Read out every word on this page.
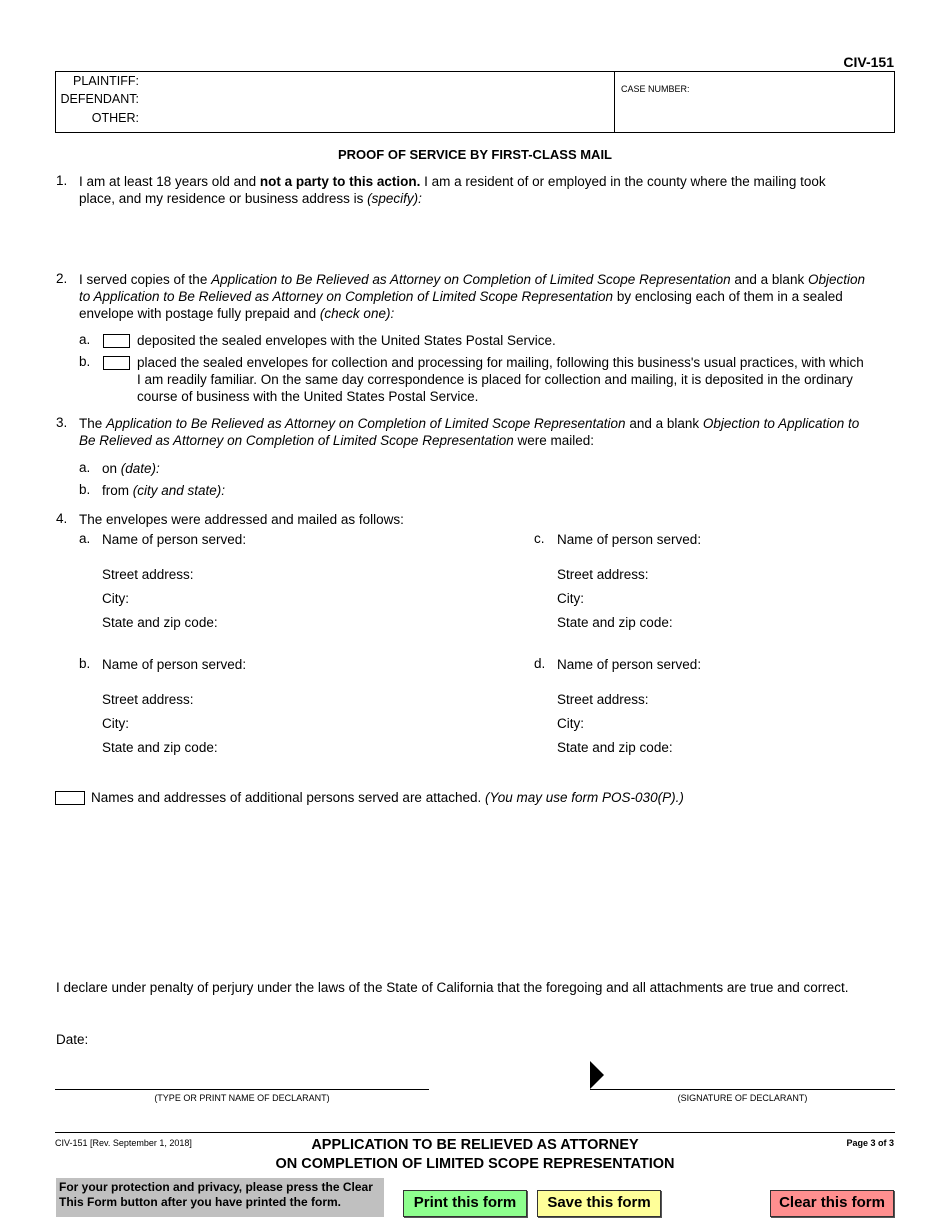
CIV-151
PLAINTIFF:
DEFENDANT:
OTHER:
CASE NUMBER:
PROOF OF SERVICE BY FIRST-CLASS MAIL
1. I am at least 18 years old and not a party to this action. I am a resident of or employed in the county where the mailing took
place, and my residence or business address is (specify):
2. I served copies of the Application to Be Relieved as Attorney on Completion of Limited Scope Representation and a blank Objection
to Application to Be Relieved as Attorney on Completion of Limited Scope Representation by enclosing each of them in a sealed
envelope with postage fully prepaid and (check one):
a.	deposited the sealed envelopes with the United States Postal Service.
b.	placed the sealed envelopes for collection and processing for mailing, following this business's usual practices, with which
I am readily familiar. On the same day correspondence is placed for collection and mailing, it is deposited in the ordinary
course of business with the United States Postal Service.
3. The Application to Be Relieved as Attorney on Completion of Limited Scope Representation and a blank Objection to Application to
Be Relieved as Attorney on Completion of Limited Scope Representation were mailed:
a. on (date):
b. from (city and state):
4. The envelopes were addressed and mailed as follows:
a. Name of person served:
Street address:
City:
State and zip code:
b. Name of person served:
Street address:
City:
State and zip code:
c. Name of person served:
Street address:
City:
State and zip code:
d. Name of person served:
Street address:
City:
State and zip code:
Names and addresses of additional persons served are attached. (You may use form POS-030(P).)
I declare under penalty of perjury under the laws of the State of California that the foregoing and all attachments are true and correct.
Date:
(TYPE OR PRINT NAME OF DECLARANT)	(SIGNATURE OF DECLARANT)
CIV-151 [Rev. September 1, 2018]	APPLICATION TO BE RELIEVED AS ATTORNEY
ON COMPLETION OF LIMITED SCOPE REPRESENTATION
Page 3 of 3
For your protection and privacy, please press the Clear This Form button after you have printed the form.	Print this form	Save this form	Clear this form
